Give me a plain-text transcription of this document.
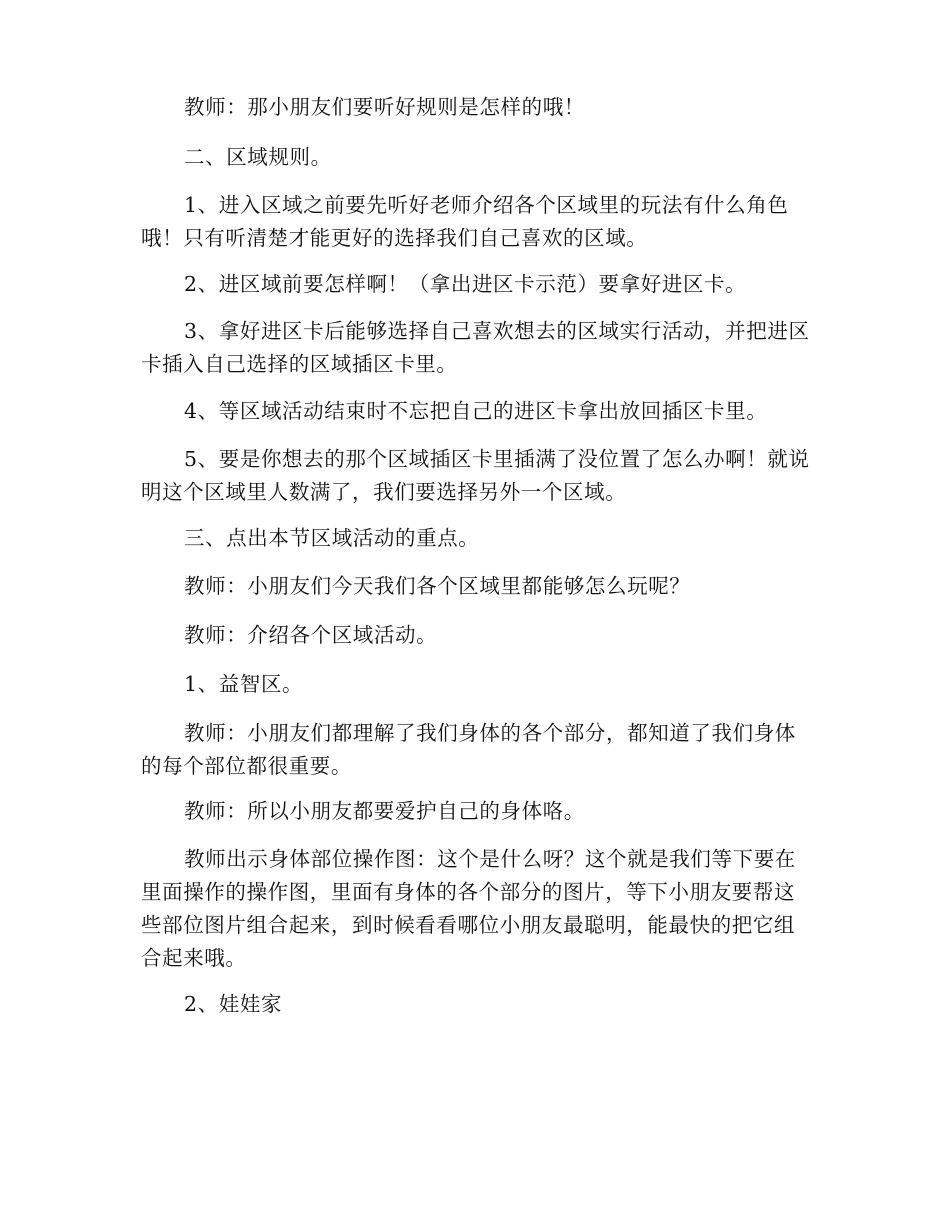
教师：那小朋友们要听好规则是怎样的哦！

二、区域规则。

1、进入区域之前要先听好老师介绍各个区域里的玩法有什么角色哦！只有听清楚才能更好的选择我们自己喜欢的区域。

2、进区域前要怎样啊！（拿出进区卡示范）要拿好进区卡。

3、拿好进区卡后能够选择自己喜欢想去的区域实行活动，并把进区卡插入自己选择的区域插区卡里。

4、等区域活动结束时不忘把自己的进区卡拿出放回插区卡里。

5、要是你想去的那个区域插区卡里插满了没位置了怎么办啊！就说明这个区域里人数满了，我们要选择另外一个区域。

三、点出本节区域活动的重点。

教师：小朋友们今天我们各个区域里都能够怎么玩呢？

教师：介绍各个区域活动。

1、益智区。

教师：小朋友们都理解了我们身体的各个部分，都知道了我们身体的每个部位都很重要。

教师：所以小朋友都要爱护自己的身体咯。

教师出示身体部位操作图：这个是什么呀？这个就是我们等下要在里面操作的操作图，里面有身体的各个部分的图片，等下小朋友要帮这些部位图片组合起来，到时候看看哪位小朋友最聪明，能最快的把它组合起来哦。

2、娃娃家
